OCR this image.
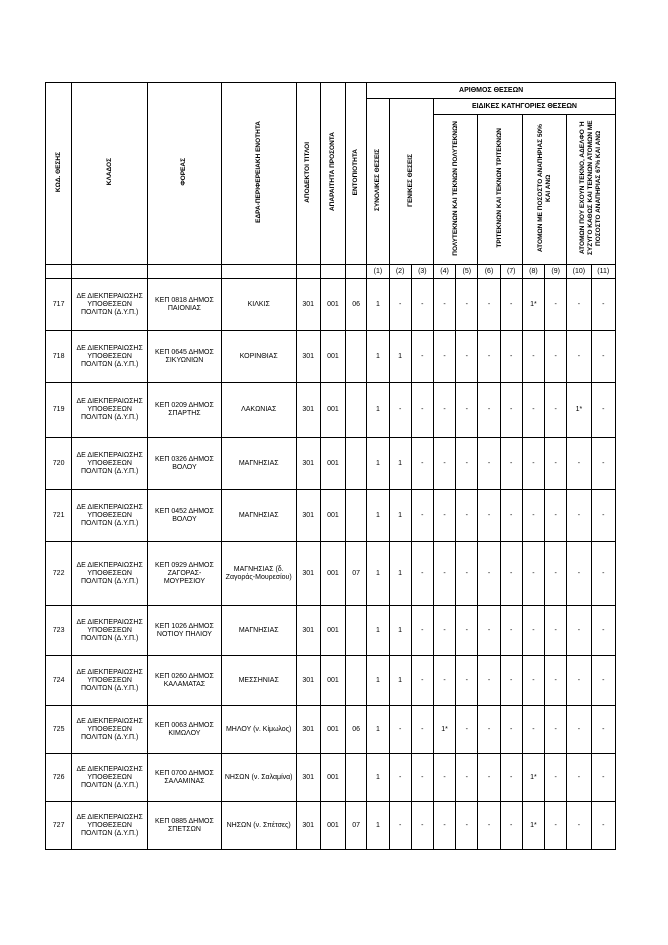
ΚΩΔ. ΘΕΣΗΣ	ΚΛΑΔΟΣ	ΦΟΡΕΑΣ	ΕΔΡΑ-ΠΕΡΙΦΕΡΕΙΑΚΗ ΕΝΟΤΗΤΑ	ΑΠΟΔΕΚΤΟΙ ΤΙΤΛΟΙ	ΑΠΑΡΑΙΤΗΤΑ ΠΡΟΣΟΝΤΑ	ΕΝΤΟΠΙΟΤΗΤΑ	ΑΡΙΘΜΟΣ ΘΕΣΕΩΝ										
							ΣΥΝΟΛΙΚΕΣ ΘΕΣΕΙΣ	ΓΕΝΙΚΕΣ ΘΕΣΕΙΣ		ΕΙΔΙΚΕΣ ΚΑΤΗΓΟΡΙΕΣ ΘΕΣΕΩΝ							
										ΠΟΛΥΤΕΚΝΩΝ ΚΑΙ ΤΕΚΝΩΝ ΠΟΛΥΤΕΚΝΩΝ		ΤΡΙΤΕΚΝΩΝ ΚΑΙ ΤΕΚΝΩΝ ΤΡΙΤΕΚΝΩΝ		ΑΤΟΜΩΝ ΜΕ ΠΟΣΟΣΤΟ ΑΝΑΠΗΡΙΑΣ 50% ΚΑΙ ΑΝΩ		ΑΤΟΜΩΝ ΠΟΥ ΕΧΟΥΝ ΤΕΚΝΟ, ΑΔΕΛΦΟ Ή ΣΥΖΥΓΟ ΚΑΘΩΣ ΚΑΙ ΤΕΚΝΩΝ ΑΤΟΜΩΝ ΜΕ ΠΟΣΟΣΤΟ ΑΝΑΠΗΡΙΑΣ 67% ΚΑΙ ΑΝΩ	
							(1)	(2)	(3)	(4)	(5)	(6)	(7)	(8)	(9)	(10)	(11)
717	ΔΕ ΔΙΕΚΠΕΡΑΙΩΣΗΣ ΥΠΟΘΕΣΕΩΝ ΠΟΛΙΤΩΝ (Δ.Υ.Π.)	ΚΕΠ 0818 ΔΗΜΟΣ ΠΑΙΟΝΙΑΣ	ΚΙΛΚΙΣ	301	001	06	1	-	-	-	-	-	-	1*	-	-	-
718	ΔΕ ΔΙΕΚΠΕΡΑΙΩΣΗΣ ΥΠΟΘΕΣΕΩΝ ΠΟΛΙΤΩΝ (Δ.Υ.Π.)	ΚΕΠ 0645 ΔΗΜΟΣ ΣΙΚΥΩΝΙΩΝ	ΚΟΡΙΝΘΙΑΣ	301	001		1	1	-	-	-	-	-	-	-	-	-
719	ΔΕ ΔΙΕΚΠΕΡΑΙΩΣΗΣ ΥΠΟΘΕΣΕΩΝ ΠΟΛΙΤΩΝ (Δ.Υ.Π.)	ΚΕΠ 0209 ΔΗΜΟΣ ΣΠΑΡΤΗΣ	ΛΑΚΩΝΙΑΣ	301	001		1	-	-	-	-	-	-	-	-	1*	-
720	ΔΕ ΔΙΕΚΠΕΡΑΙΩΣΗΣ ΥΠΟΘΕΣΕΩΝ ΠΟΛΙΤΩΝ (Δ.Υ.Π.)	ΚΕΠ 0326 ΔΗΜΟΣ ΒΟΛΟΥ	ΜΑΓΝΗΣΙΑΣ	301	001		1	1	-	-	-	-	-	-	-	-	-
721	ΔΕ ΔΙΕΚΠΕΡΑΙΩΣΗΣ ΥΠΟΘΕΣΕΩΝ ΠΟΛΙΤΩΝ (Δ.Υ.Π.)	ΚΕΠ 0452 ΔΗΜΟΣ ΒΟΛΟΥ	ΜΑΓΝΗΣΙΑΣ	301	001		1	1	-	-	-	-	-	-	-	-	-
722	ΔΕ ΔΙΕΚΠΕΡΑΙΩΣΗΣ ΥΠΟΘΕΣΕΩΝ ΠΟΛΙΤΩΝ (Δ.Υ.Π.)	ΚΕΠ 0929 ΔΗΜΟΣ ΖΑΓΟΡΑΣ-ΜΟΥΡΕΣΙΟΥ	ΜΑΓΝΗΣΙΑΣ (δ. Ζαγοράς-Μουρεσίου)	301	001	07	1	1	-	-	-	-	-	-	-	-	-
723	ΔΕ ΔΙΕΚΠΕΡΑΙΩΣΗΣ ΥΠΟΘΕΣΕΩΝ ΠΟΛΙΤΩΝ (Δ.Υ.Π.)	ΚΕΠ 1026 ΔΗΜΟΣ ΝΟΤΙΟΥ ΠΗΛΙΟΥ	ΜΑΓΝΗΣΙΑΣ	301	001		1	1	-	-	-	-	-	-	-	-	-
724	ΔΕ ΔΙΕΚΠΕΡΑΙΩΣΗΣ ΥΠΟΘΕΣΕΩΝ ΠΟΛΙΤΩΝ (Δ.Υ.Π.)	ΚΕΠ 0260 ΔΗΜΟΣ ΚΑΛΑΜΑΤΑΣ	ΜΕΣΣΗΝΙΑΣ	301	001		1	1	-	-	-	-	-	-	-	-	-
725	ΔΕ ΔΙΕΚΠΕΡΑΙΩΣΗΣ ΥΠΟΘΕΣΕΩΝ ΠΟΛΙΤΩΝ (Δ.Υ.Π.)	ΚΕΠ 0063 ΔΗΜΟΣ ΚΙΜΩΛΟΥ	ΜΗΛΟΥ (ν. Κίμωλος)	301	001	06	1	-	-	1*	-	-	-	-	-	-	-
726	ΔΕ ΔΙΕΚΠΕΡΑΙΩΣΗΣ ΥΠΟΘΕΣΕΩΝ ΠΟΛΙΤΩΝ (Δ.Υ.Π.)	ΚΕΠ 0700 ΔΗΜΟΣ ΣΑΛΑΜΙΝΑΣ	ΝΗΣΩΝ (ν. Σαλαμίνα)	301	001		1	-	-	-	-	-	-	1*	-	-	-
727	ΔΕ ΔΙΕΚΠΕΡΑΙΩΣΗΣ ΥΠΟΘΕΣΕΩΝ ΠΟΛΙΤΩΝ (Δ.Υ.Π.)	ΚΕΠ 0885 ΔΗΜΟΣ ΣΠΕΤΣΩΝ	ΝΗΣΩΝ (ν. Σπέτσες)	301	001	07	1	-	-	-	-	-	-	1*	-	-	-
